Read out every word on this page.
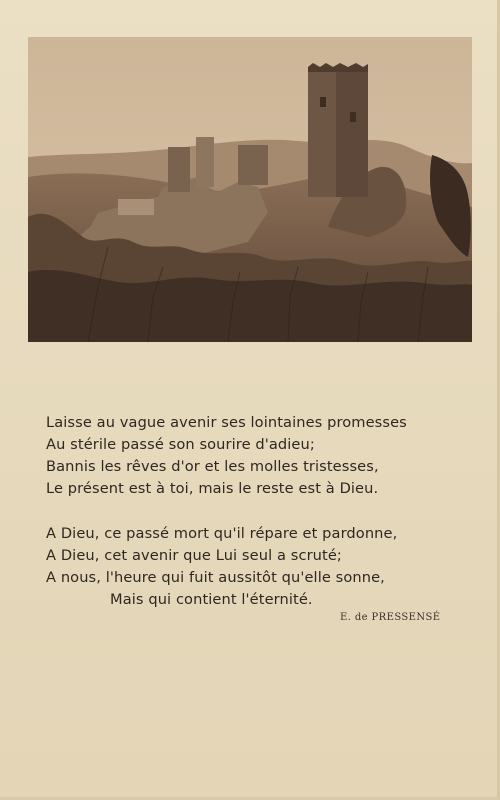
Laisse au vague avenir ses lointaines promesses
Au stérile passé son sourire d'adieu;
Bannis les rêves d'or et les molles tristesses,
Le présent est à toi, mais le reste est à Dieu.

A Dieu, ce passé mort qu'il répare et pardonne,
A Dieu, cet avenir que Lui seul a scruté;
A nous, l'heure qui fuit aussitôt qu'elle sonne,
Mais qui contient l'éternité.

E. de PRESSENSÉ
